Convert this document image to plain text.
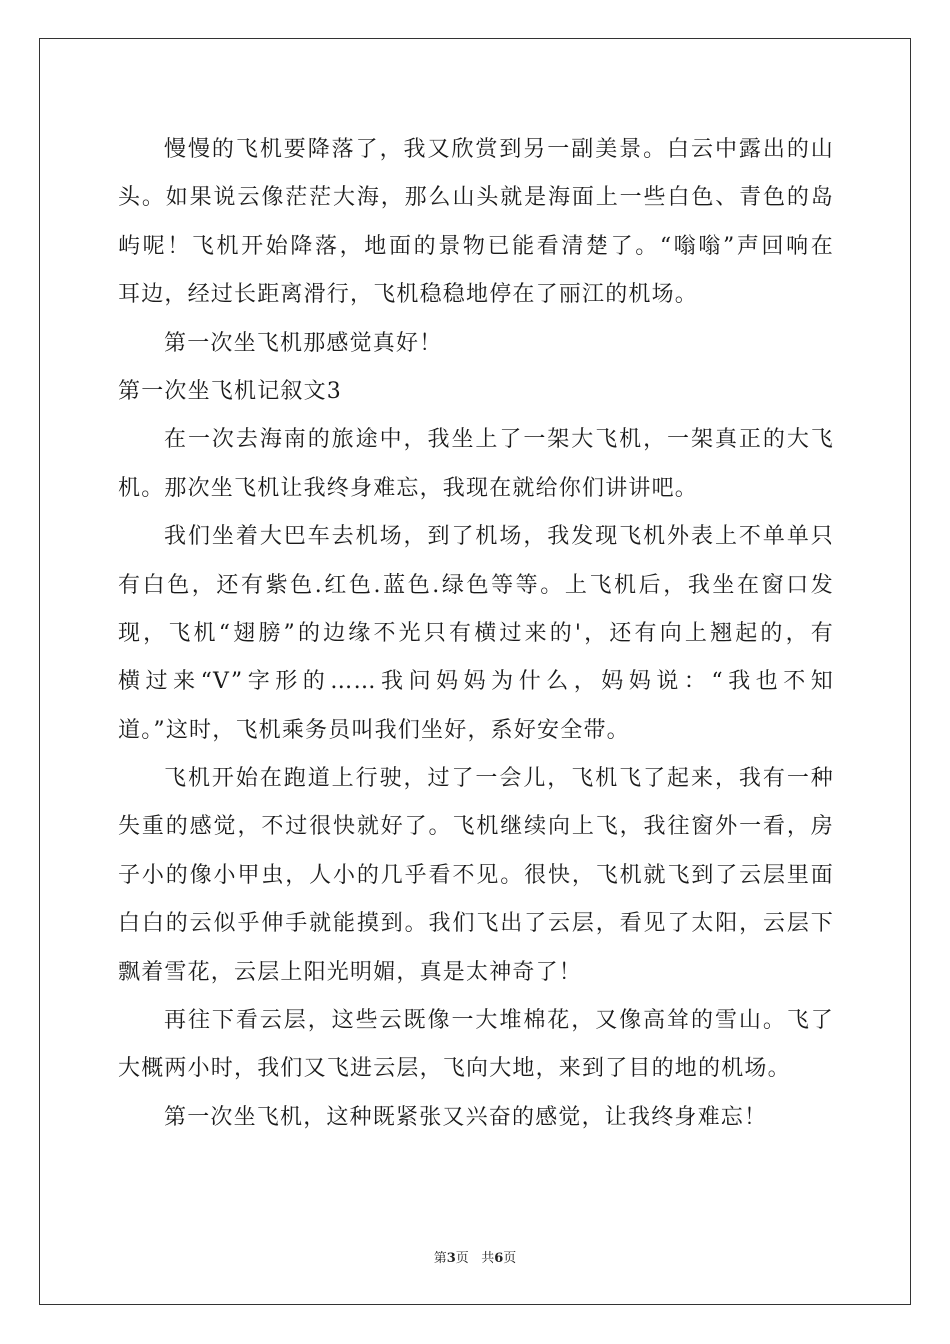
慢慢的飞机要降落了，我又欣赏到另一副美景。白云中露出的山
头。如果说云像茫茫大海，那么山头就是海面上一些白色、青色的岛
屿呢！飞机开始降落，地面的景物已能看清楚了。“嗡嗡”声回响在
耳边，经过长距离滑行，飞机稳稳地停在了丽江的机场。
第一次坐飞机那感觉真好！
第一次坐飞机记叙文3
在一次去海南的旅途中，我坐上了一架大飞机，一架真正的大飞
机。那次坐飞机让我终身难忘，我现在就给你们讲讲吧。
我们坐着大巴车去机场，到了机场，我发现飞机外表上不单单只
有白色，还有紫色.红色.蓝色.绿色等等。上飞机后，我坐在窗口发
现，飞机“翅膀”的边缘不光只有横过来的'，还有向上翘起的，有
横过来“V”字形的……我问妈妈为什么，妈妈说：“我也不知
道。”这时，飞机乘务员叫我们坐好，系好安全带。
飞机开始在跑道上行驶，过了一会儿，飞机飞了起来，我有一种
失重的感觉，不过很快就好了。飞机继续向上飞，我往窗外一看，房
子小的像小甲虫，人小的几乎看不见。很快，飞机就飞到了云层里面
白白的云似乎伸手就能摸到。我们飞出了云层，看见了太阳，云层下
飘着雪花，云层上阳光明媚，真是太神奇了！
再往下看云层，这些云既像一大堆棉花，又像高耸的雪山。飞了
大概两小时，我们又飞进云层，飞向大地，来到了目的地的机场。
第一次坐飞机，这种既紧张又兴奋的感觉，让我终身难忘！
第3页 共6页
